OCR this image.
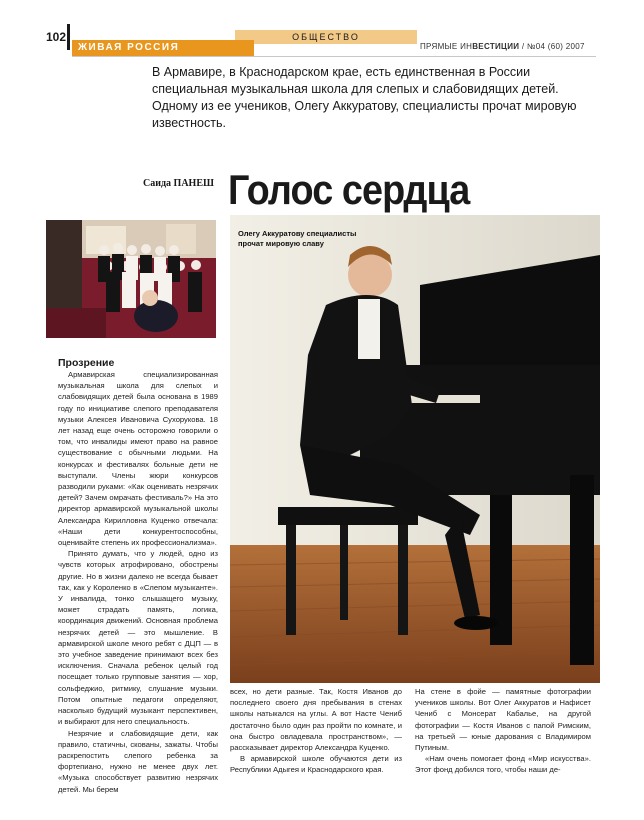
102	ОБЩЕСТВО
ЖИВАЯ РОССИЯ	ПРЯМЫЕ ИНВЕСТИЦИИ / №04 (60) 2007
В Армавире, в Краснодарском крае, есть единственная в России специальная музыкальная школа для слепых и слабовидящих детей. Одному из ее учеников, Олегу Аккуратову, специалисты прочат мировую известность.
Саида ПАНЕШ Голос сердца
Олегу Аккуратову специалисты прочат мировую славу
Прозрение

Армавирская специализированная музыкальная школа для слепых и слабовидящих детей была основана в 1989 году по инициативе слепого преподавателя музыки Алексея Ивановича Сухорукова. 18 лет назад еще очень осторожно говорили о том, что инвалиды имеют право на равное существование с обычными людьми. На конкурсах и фестивалях больные дети не выступали. Члены жюри конкурсов разводили руками: «Как оценивать незрячих детей? Зачем омрачать фестиваль?» На это директор армавирской музыкальной школы Александра Кирилловна Куценко отвечала: «Наши дети конкурентоспособны, оценивайте степень их профессионализма».

Принято думать, что у людей, одно из чувств которых атрофировано, обострены другие. Но в жизни далеко не всегда бывает так, как у Короленко в «Слепом музыканте». У инвалида, тонко слышащего музыку, может страдать память, логика, координация движений. Основная проблема незрячих детей — это мышление. В армавирской школе много ребят с ДЦП — в это учебное заведение принимают всех без исключения. Сначала ребенок целый год посещает только групповые занятия — хор, сольфеджио, ритмику, слушание музыки. Потом опытные педагоги определяют, насколько будущий музыкант перспективен, и выбирают для него специальность.

Незрячие и слабовидящие дети, как правило, статичны, скованы, зажаты. Чтобы раскрепостить слепого ребенка за фортепиано, нужно не менее двух лет. «Музыка способствует развитию незрячих детей. Мы берем

всех, но дети разные. Так, Костя Иванов до последнего своего дня пребывания в стенах школы натыкался на углы. А вот Насте Чениб достаточно было один раз пройти по комнате, и она быстро овладевала пространством», — рассказывает директор Александра Куценко.

В армавирской школе обучаются дети из Республики Адыгея и Краснодарского края.

На стене в фойе — памятные фотографии учеников школы. Вот Олег Аккуратов и Нафисет Чениб с Монсерат Кабалье, на другой фотографии — Костя Иванов с папой Римским, на третьей — юные дарования с Владимиром Путиным.

«Нам очень помогает фонд «Мир искусства». Этот фонд добился того, чтобы наши де-
